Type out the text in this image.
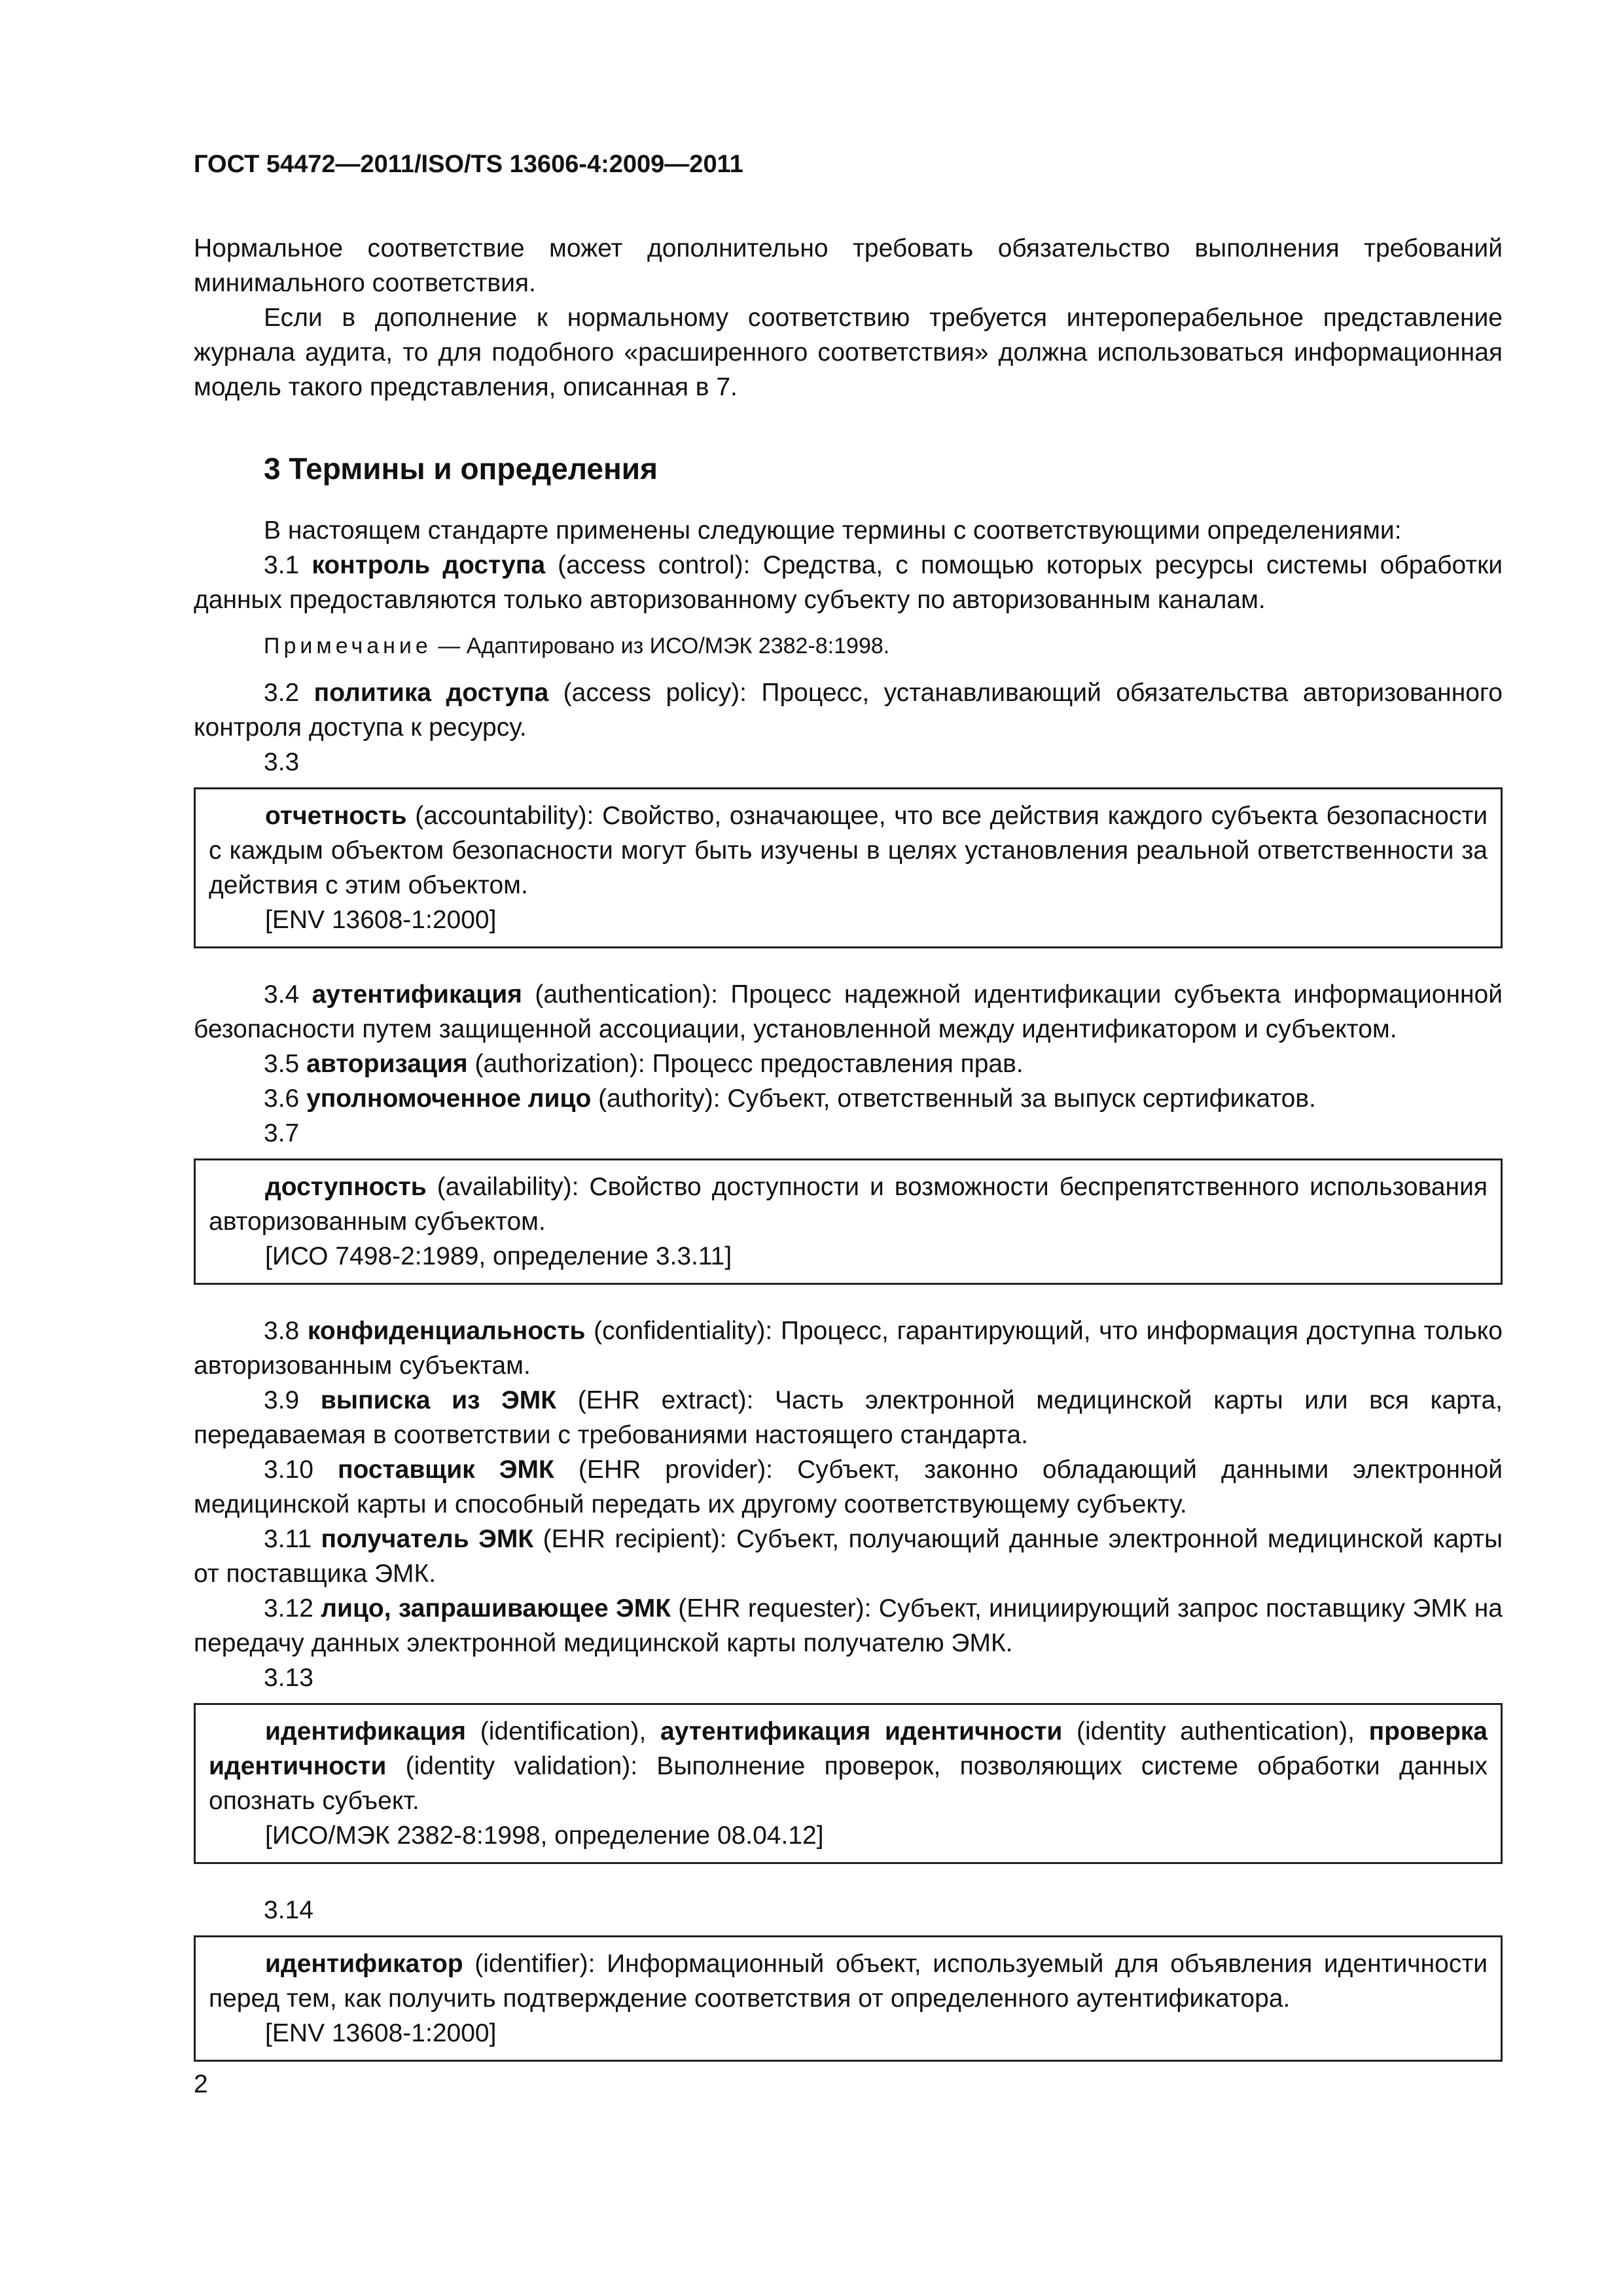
ГОСТ 54472—2011/ISO/TS 13606-4:2009—2011

Нормальное соответствие может дополнительно требовать обязательство выполнения требований минимального соответствия.

Если в дополнение к нормальному соответствию требуется интероперабельное представление журнала аудита, то для подобного «расширенного соответствия» должна использоваться информационная модель такого представления, описанная в 7.

3 Термины и определения

В настоящем стандарте применены следующие термины с соответствующими определениями:

3.1 контроль доступа (access control): Средства, с помощью которых ресурсы системы обработки данных предоставляются только авторизованному субъекту по авторизованным каналам.

Примечание — Адаптировано из ИСО/МЭК 2382-8:1998.

3.2 политика доступа (access policy): Процесс, устанавливающий обязательства авторизованного контроля доступа к ресурсу.

3.3

отчетность (accountability): Свойство, означающее, что все действия каждого субъекта безопасности с каждым объектом безопасности могут быть изучены в целях установления реальной ответственности за действия с этим объектом.

[ENV 13608-1:2000]

3.4 аутентификация (authentication): Процесс надежной идентификации субъекта информационной безопасности путем защищенной ассоциации, установленной между идентификатором и субъектом.

3.5 авторизация (authorization): Процесс предоставления прав.

3.6 уполномоченное лицо (authority): Субъект, ответственный за выпуск сертификатов.

3.7

доступность (availability): Свойство доступности и возможности беспрепятственного использования авторизованным субъектом.

[ИСО 7498-2:1989, определение 3.3.11]

3.8 конфиденциальность (confidentiality): Процесс, гарантирующий, что информация доступна только авторизованным субъектам.

3.9 выписка из ЭМК (EHR extract): Часть электронной медицинской карты или вся карта, передаваемая в соответствии с требованиями настоящего стандарта.

3.10 поставщик ЭМК (EHR provider): Субъект, законно обладающий данными электронной медицинской карты и способный передать их другому соответствующему субъекту.

3.11 получатель ЭМК (EHR recipient): Субъект, получающий данные электронной медицинской карты от поставщика ЭМК.

3.12 лицо, запрашивающее ЭМК (EHR requester): Субъект, инициирующий запрос поставщику ЭМК на передачу данных электронной медицинской карты получателю ЭМК.

3.13

идентификация (identification), аутентификация идентичности (identity authentication), проверка идентичности (identity validation): Выполнение проверок, позволяющих системе обработки данных опознать субъект.

[ИСО/МЭК 2382-8:1998, определение 08.04.12]

3.14

идентификатор (identifier): Информационный объект, используемый для объявления идентичности перед тем, как получить подтверждение соответствия от определенного аутентификатора.

[ENV 13608-1:2000]

2
